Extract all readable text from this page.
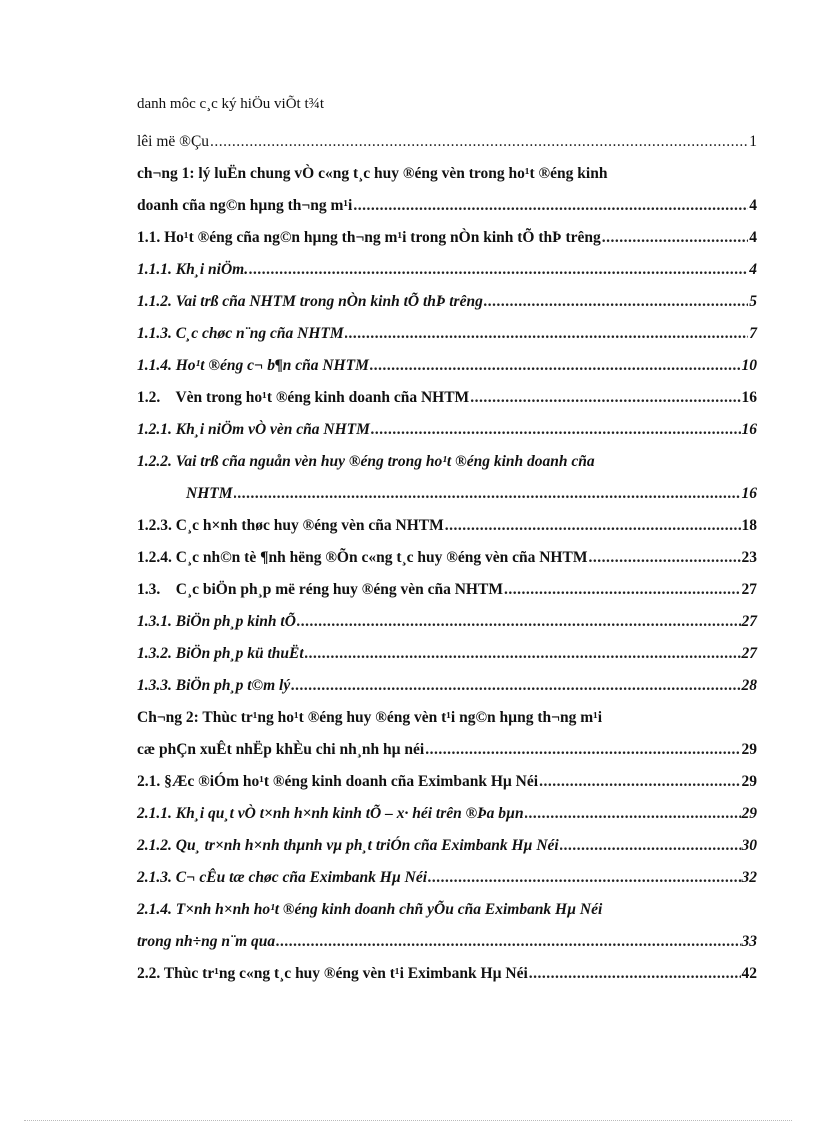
danh môc c¸c ký hiÖu viÕt t¾t
lêi më ®Çu .....	1
ch¬ng 1: lý luËn chung vÒ c«ng t¸c huy ®éng vèn trong ho¹t ®éng kinh
doanh cña ng©n hµng th¬ng m¹i .....	4
1.1. Ho¹t ®éng cña ng©n hµng th¬ng m¹i trong nÒn kinh tÕ thÞ trêng .....	4
1.1.1. Kh¸i niÖm. .....	4
1.1.2. Vai trß cña NHTM trong nÒn kinh tÕ thÞ trêng .....	5
1.1.3. C¸c chøc n¨ng cña NHTM .....	7
1.1.4. Ho¹t ®éng c¬ b¶n cña NHTM .....	10
1.2.    Vèn trong ho¹t ®éng kinh doanh cña NHTM .....	16
1.2.1. Kh¸i niÖm vÒ vèn cña NHTM .....	16
1.2.2. Vai trß cña nguån vèn huy ®éng trong ho¹t ®éng kinh doanh cña
NHTM .....	16
1.2.3. C¸c h×nh thøc huy ®éng vèn cña NHTM .....	18
1.2.4. C¸c nh©n tè ¶nh hëng ®Õn c«ng t¸c huy ®éng vèn cña NHTM .....	23
1.3.    C¸c biÖn ph¸p më réng huy ®éng vèn cña NHTM .....	27
1.3.1. BiÖn ph¸p kinh tÕ .....	27
1.3.2. BiÖn ph¸p kü thuËt .....	27
1.3.3. BiÖn ph¸p t©m lý .....	28
Ch¬ng 2: Thùc tr¹ng ho¹t ®éng huy ®éng vèn t¹i ng©n hµng th¬ng m¹i
cæ phÇn xuÊt nhËp khÈu chi nh¸nh hµ néi .....	29
2.1. §Æc ®iÓm ho¹t ®éng kinh doanh cña Eximbank Hµ Néi .....	29
2.1.1. Kh¸i qu¸t vÒ t×nh h×nh kinh tÕ – x· héi trên ®Þa bµn .....	29
2.1.2. Qu¸ tr×nh h×nh thµnh vµ ph¸t triÓn cña Eximbank Hµ Néi .....	30
2.1.3. C¬ cÊu tæ chøc cña Eximbank Hµ Néi .....	32
2.1.4. T×nh h×nh ho¹t ®éng kinh doanh chñ yÕu cña Eximbank Hµ Néi
trong nh÷ng n¨m qua .....	33
2.2. Thùc tr¹ng c«ng t¸c huy ®éng vèn t¹i Eximbank Hµ Néi .....	42
